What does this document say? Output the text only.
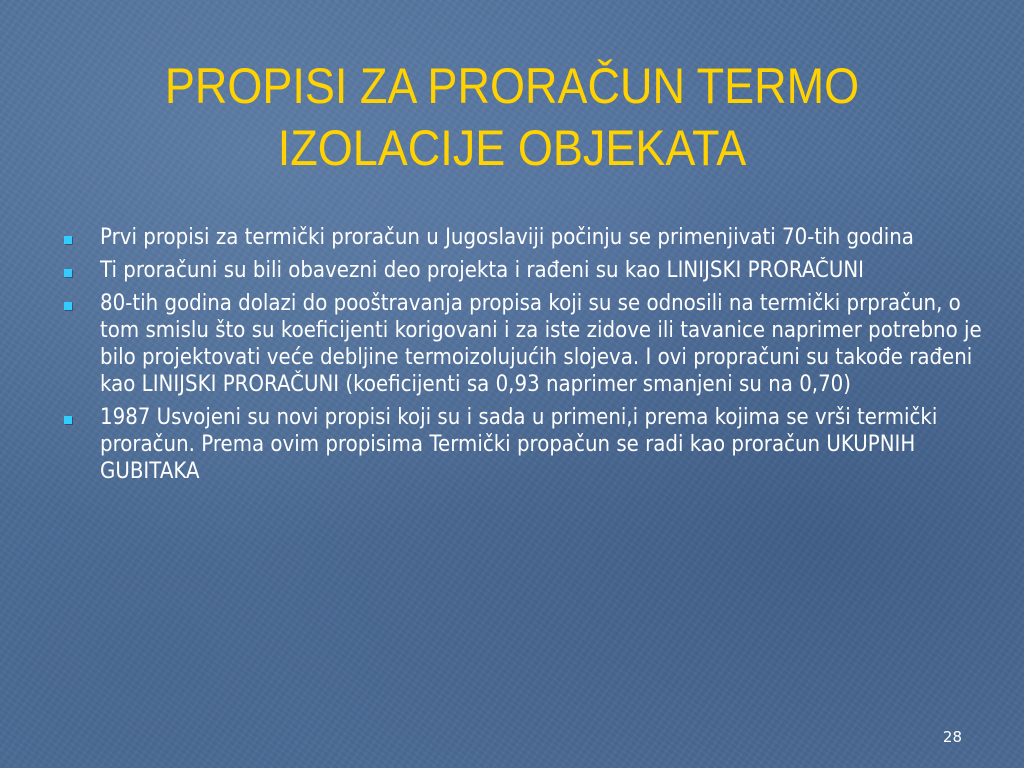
PROPISI ZA PRORAČUN TERMO
IZOLACIJE OBJEKATA
Prvi propisi za termički proračun u Jugoslaviji počinju se primenjivati 70-tih godina
Ti proračuni su bili obavezni deo projekta i rađeni su kao LINIJSKI PRORAČUNI
80-tih godina dolazi do pooštravanja propisa koji su se odnosili na termički prpračun, o tom smislu što su koeficijenti korigovani i za iste zidove ili tavanice naprimer potrebno je bilo projektovati veće debljine termoizolujućih slojeva. I ovi propračuni su takođe rađeni kao LINIJSKI PRORAČUNI (koeficijenti sa 0,93 naprimer smanjeni su na 0,70)
1987 Usvojeni su novi propisi koji su i sada u primeni,i prema kojima se vrši termički proračun. Prema ovim propisima Termički propačun se radi kao proračun UKUPNIH GUBITAKA
28
